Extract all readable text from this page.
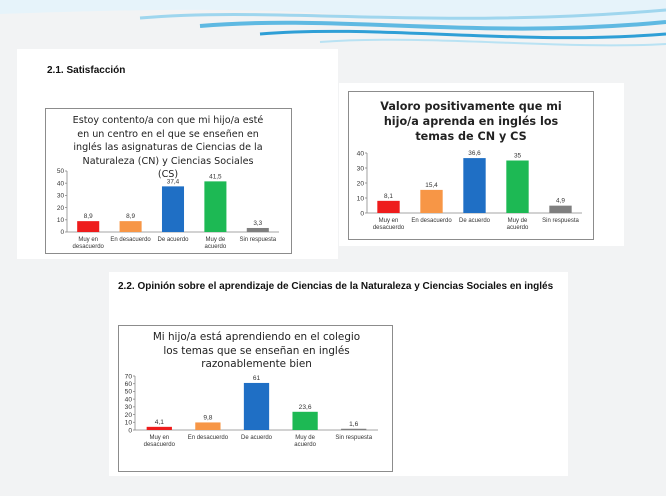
2.1. Satisfacción
Estoy contento/a con que mi hijo/a esté en un centro en el que se enseñen en inglés las asignaturas de Ciencias de la Naturaleza (CN) y Ciencias Sociales (CS)
0
10
20
30
40
50
8,9
Muy en desacuerdo
8,9
En desacuerdo
37,4
De acuerdo
41,5
Muy de acuerdo
3,3
Sin respuesta
Valoro positivamente que mi hijo/a aprenda en inglés los temas de CN y CS
0
10
20
30
40
8,1
Muy en desacuerdo
15,4
En desacuerdo
36,6
De acuerdo
35
Muy de acuerdo
4,9
Sin respuesta
2.2. Opinión sobre el aprendizaje de Ciencias de la Naturaleza y Ciencias Sociales en inglés
Mi hijo/a está aprendiendo en el colegio los temas que se enseñan en inglés razonablemente bien
0
10
20
30
40
50
60
70
4,1
Muy en desacuerdo
9,8
En desacuerdo
61
De acuerdo
23,6
Muy de acuerdo
1,6
Sin respuesta
